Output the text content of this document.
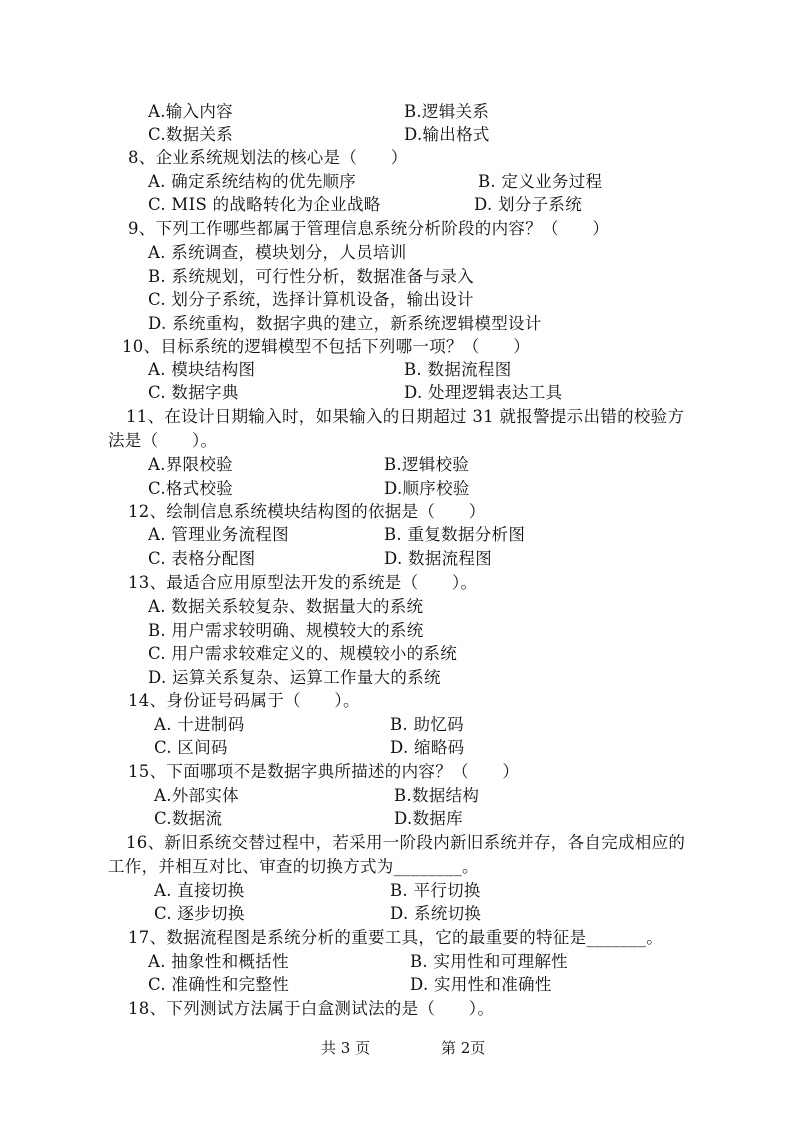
A.输入内容	B.逻辑关系
C.数据关系	D.输出格式
8、企业系统规划法的核心是（　　）
A. 确定系统结构的优先顺序	B. 定义业务过程
C. MIS 的战略转化为企业战略	D. 划分子系统
9、下列工作哪些都属于管理信息系统分析阶段的内容？（　　）
A. 系统调查，模块划分，人员培训
B. 系统规划，可行性分析，数据准备与录入
C. 划分子系统，选择计算机设备，输出设计
D. 系统重构，数据字典的建立，新系统逻辑模型设计
10、目标系统的逻辑模型不包括下列哪一项？（　　）
A. 模块结构图	B. 数据流程图
C. 数据字典	D. 处理逻辑表达工具
11、在设计日期输入时，如果输入的日期超过 31 就报警提示出错的校验方
法是（　　）。
A.界限校验	B.逻辑校验
C.格式校验	D.顺序校验
12、绘制信息系统模块结构图的依据是（　　）
A. 管理业务流程图	B. 重复数据分析图
C. 表格分配图	D. 数据流程图
13、最适合应用原型法开发的系统是（　　）。
A. 数据关系较复杂、数据量大的系统
B. 用户需求较明确、规模较大的系统
C. 用户需求较难定义的、规模较小的系统
D. 运算关系复杂、运算工作量大的系统
14、身份证号码属于（　　）。
A. 十进制码	B. 助忆码
C. 区间码	D. 缩略码
15、下面哪项不是数据字典所描述的内容？（　　）
A.外部实体	B.数据结构
C.数据流	D.数据库
16、新旧系统交替过程中，若采用一阶段内新旧系统并存，各自完成相应的
工作，并相互对比、审查的切换方式为________。
A. 直接切换	B. 平行切换
C. 逐步切换	D. 系统切换
17、数据流程图是系统分析的重要工具，它的最重要的特征是_______。
A. 抽象性和概括性	B. 实用性和可理解性
C. 准确性和完整性	D. 实用性和准确性
18、下列测试方法属于白盒测试法的是（　　）。
共 3 页	第 2页
